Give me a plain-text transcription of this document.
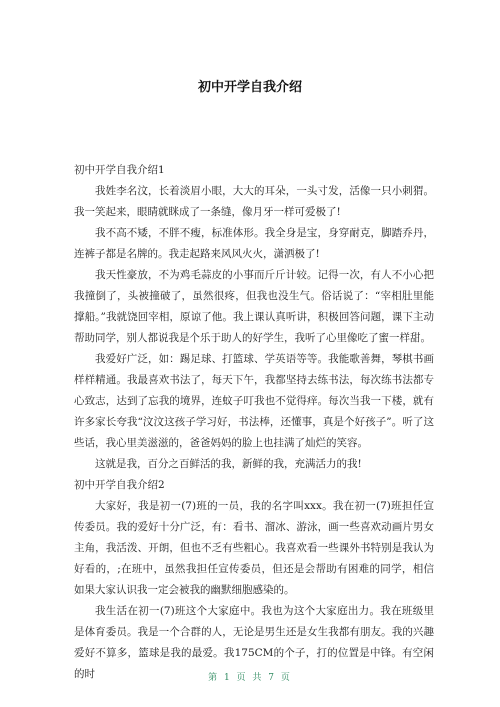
初中开学自我介绍

初中开学自我介绍1

我姓李名汶，长着淡眉小眼，大大的耳朵，一头寸发，活像一只小刺猬。我一笑起来，眼睛就眯成了一条缝，像月牙一样可爱极了!

我不高不矮，不胖不瘦，标准体形。我全身是宝，身穿耐克，脚踏乔丹，连裤子都是名牌的。我走起路来风风火火，潇洒极了!

我天性豪放，不为鸡毛蒜皮的小事而斤斤计较。记得一次，有人不小心把我撞倒了，头被撞破了，虽然很疼，但我也没生气。俗话说了：“宰相肚里能撑船。”我就饶回宰相，原谅了他。我上课认真听讲，积极回答问题，课下主动帮助同学，别人都说我是个乐于助人的好学生，我听了心里像吃了蜜一样甜。

我爱好广泛，如：踢足球、打篮球、学英语等等。我能歌善舞，琴棋书画样样精通。我最喜欢书法了，每天下午，我都坚持去练书法，每次练书法都专心致志，达到了忘我的境界，连蚊子叮我也不觉得痒。每次当我一下楼，就有许多家长夸我“汶汶这孩子学习好，书法棒，还懂事，真是个好孩子”。听了这些话，我心里美滋滋的，爸爸妈妈的脸上也挂满了灿烂的笑容。

这就是我，百分之百鲜活的我，新鲜的我，充满活力的我!

初中开学自我介绍2

大家好，我是初一(7)班的一员，我的名字叫xxx。我在初一(7)班担任宣传委员。我的爱好十分广泛，有：看书、溜冰、游泳，画一些喜欢动画片男女主角，我活泼、开朗，但也不乏有些粗心。我喜欢看一些课外书特别是我认为好看的，;在班中，虽然我担任宣传委员，但还是会帮助有困难的同学，相信如果大家认识我一定会被我的幽默细胞感染的。

我生活在初一(7)班这个大家庭中。我也为这个大家庭出力。我在班级里是体育委员。我是一个合群的人，无论是男生还是女生我都有朋友。我的兴趣爱好不算多，篮球是我的最爱。我175CM的个子，打的位置是中锋。有空闲的时	第 1 页 共 7 页
